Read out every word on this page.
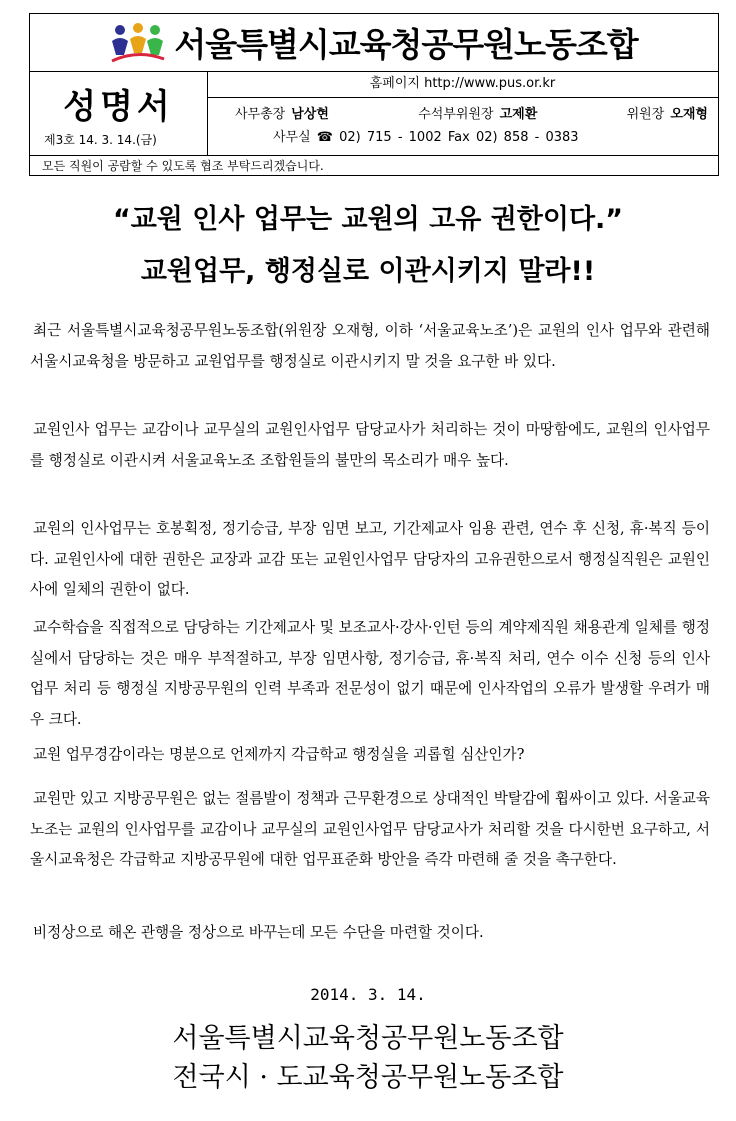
서울특별시교육청공무원노동조합
성명서
제3호 14. 3. 14.(금)
홈페이지 http://www.pus.or.kr
사무총장 남상현	수석부위원장 고제환	위원장 오재형
사무실 ☎ 02) 715 - 1002 Fax 02) 858 - 0383
모든 직원이 공람할 수 있도록 협조 부탁드리겠습니다.
“교원 인사 업무는 교원의 고유 권한이다.”
교원업무, 행정실로 이관시키지 말라!!

최근 서울특별시교육청공무원노동조합(위원장 오재형, 이하 ‘서울교육노조’)은 교원의 인사 업무와 관련해 서울시교육청을 방문하고 교원업무를 행정실로 이관시키지 말 것을 요구한 바 있다.

교원인사 업무는 교감이나 교무실의 교원인사업무 담당교사가 처리하는 것이 마땅함에도, 교원의 인사업무를 행정실로 이관시켜 서울교육노조 조합원들의 불만의 목소리가 매우 높다.

교원의 인사업무는 호봉획정, 정기승급, 부장 임면 보고, 기간제교사 임용 관련, 연수 후 신청, 휴·복직 등이다. 교원인사에 대한 권한은 교장과 교감 또는 교원인사업무 담당자의 고유권한으로서 행정실직원은 교원인사에 일체의 권한이 없다.

교수학습을 직접적으로 담당하는 기간제교사 및 보조교사·강사·인턴 등의 계약제직원 채용관계 일체를 행정실에서 담당하는 것은 매우 부적절하고, 부장 임면사항, 정기승급, 휴·복직 처리, 연수 이수 신청 등의 인사업무 처리 등 행정실 지방공무원의 인력 부족과 전문성이 없기 때문에 인사작업의 오류가 발생할 우려가 매우 크다.

교원 업무경감이라는 명분으로 언제까지 각급학교 행정실을 괴롭힐 심산인가?

교원만 있고 지방공무원은 없는 절름발이 정책과 근무환경으로 상대적인 박탈감에 휩싸이고 있다. 서울교육노조는 교원의 인사업무를 교감이나 교무실의 교원인사업무 담당교사가 처리할 것을 다시한번 요구하고, 서울시교육청은 각급학교 지방공무원에 대한 업무표준화 방안을 즉각 마련해 줄 것을 촉구한다.

비정상으로 해온 관행을 정상으로 바꾸는데 모든 수단을 마련할 것이다.

2014. 3. 14.
서울특별시교육청공무원노동조합
전국시 · 도교육청공무원노동조합
